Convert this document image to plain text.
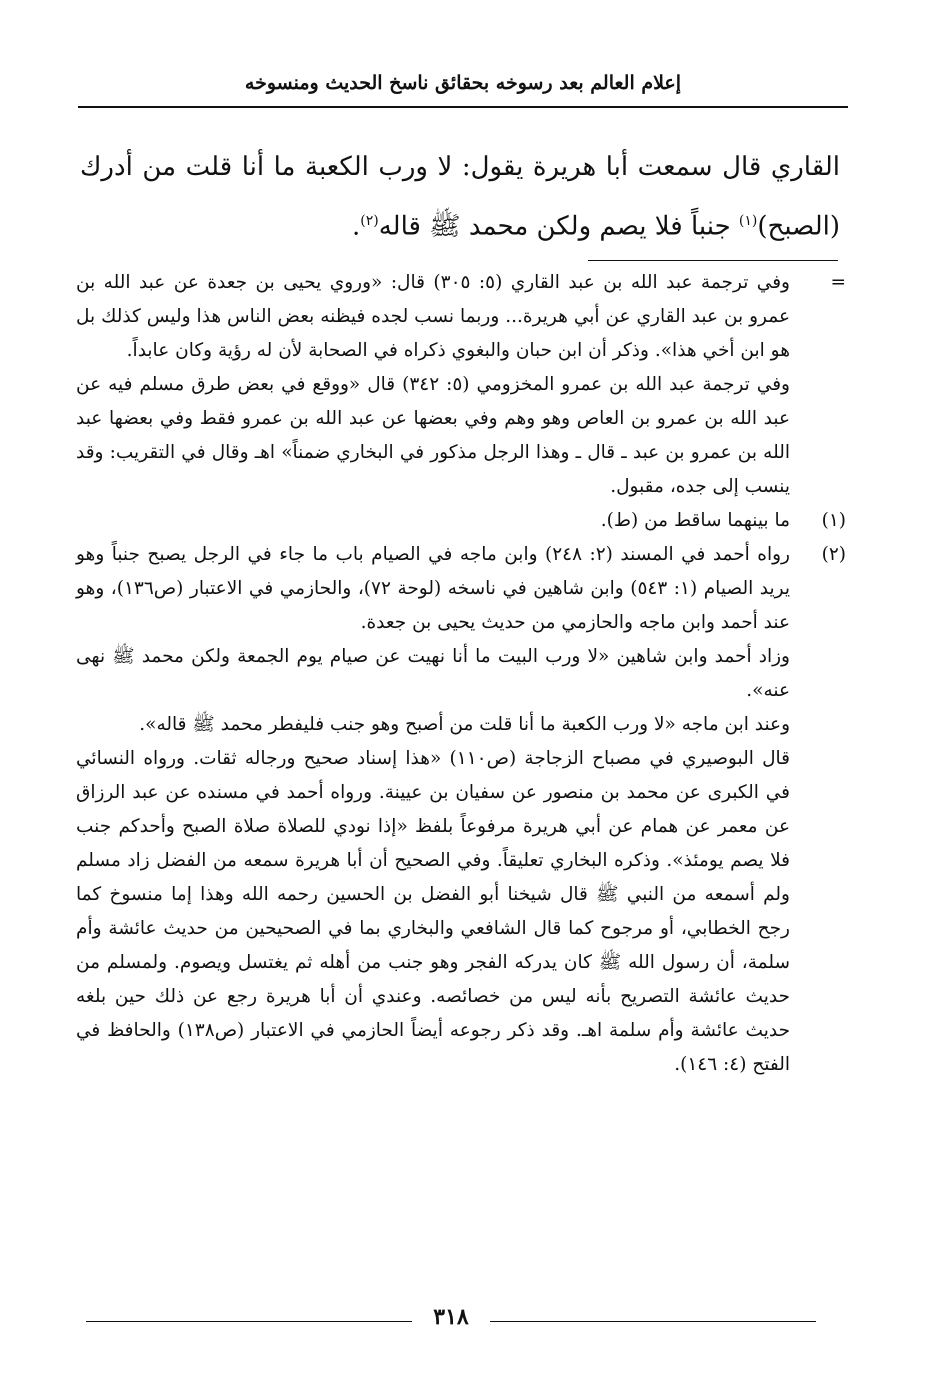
إعلام العالم بعد رسوخه بحقائق ناسخ الحديث ومنسوخه
القاري قال سمعت أبا هريرة يقول: لا ورب الكعبة ما أنا قلت من أدرك (الصبح)$^{(١)}$ جنباً فلا يصم ولكن محمد ﷺ قاله$^{(٢)}$.
=

وفي ترجمة عبد الله بن عبد القاري (٥: ٣٠٥) قال: «وروي يحيى بن جعدة عن عبد الله بن عمرو بن عبد القاري عن أبي هريرة... وربما نسب لجده فيظنه بعض الناس هذا وليس كذلك بل هو ابن أخي هذا». وذكر أن ابن حبان والبغوي ذكراه في الصحابة لأن له رؤية وكان عابداً.

وفي ترجمة عبد الله بن عمرو المخزومي (٥: ٣٤٢) قال «ووقع في بعض طرق مسلم فيه عن عبد الله بن عمرو بن العاص وهو وهم وفي بعضها عن عبد الله بن عمرو فقط وفي بعضها عبد الله بن عمرو بن عبد ـ قال ـ وهذا الرجل مذكور في البخاري ضمناً» اهـ وقال في التقريب: وقد ينسب إلى جده، مقبول.

(١)

ما بينهما ساقط من (ط).

(٢)

رواه أحمد في المسند (٢: ٢٤٨) وابن ماجه في الصيام باب ما جاء في الرجل يصبح جنباً وهو يريد الصيام (١: ٥٤٣) وابن شاهين في ناسخه (لوحة ٧٢)، والحازمي في الاعتبار (ص١٣٦)، وهو عند أحمد وابن ماجه والحازمي من حديث يحيى بن جعدة.

وزاد أحمد وابن شاهين «لا ورب البيت ما أنا نهيت عن صيام يوم الجمعة ولكن محمد ﷺ نهى عنه».

وعند ابن ماجه «لا ورب الكعبة ما أنا قلت من أصبح وهو جنب فليفطر محمد ﷺ قاله».

قال البوصيري في مصباح الزجاجة (ص١١٠) «هذا إسناد صحيح ورجاله ثقات. ورواه النسائي في الكبرى عن محمد بن منصور عن سفيان بن عيينة. ورواه أحمد في مسنده عن عبد الرزاق عن معمر عن همام عن أبي هريرة مرفوعاً بلفظ «إذا نودي للصلاة صلاة الصبح وأحدكم جنب فلا يصم يومئذ». وذكره البخاري تعليقاً. وفي الصحيح أن أبا هريرة سمعه من الفضل زاد مسلم ولم أسمعه من النبي ﷺ قال شيخنا أبو الفضل بن الحسين رحمه الله وهذا إما منسوخ كما رجح الخطابي، أو مرجوح كما قال الشافعي والبخاري بما في الصحيحين من حديث عائشة وأم سلمة، أن رسول الله ﷺ كان يدركه الفجر وهو جنب من أهله ثم يغتسل ويصوم. ولمسلم من حديث عائشة التصريح بأنه ليس من خصائصه. وعندي أن أبا هريرة رجع عن ذلك حين بلغه حديث عائشة وأم سلمة اهـ. وقد ذكر رجوعه أيضاً الحازمي في الاعتبار (ص١٣٨) والحافظ في الفتح (٤: ١٤٦).

٣١٨
